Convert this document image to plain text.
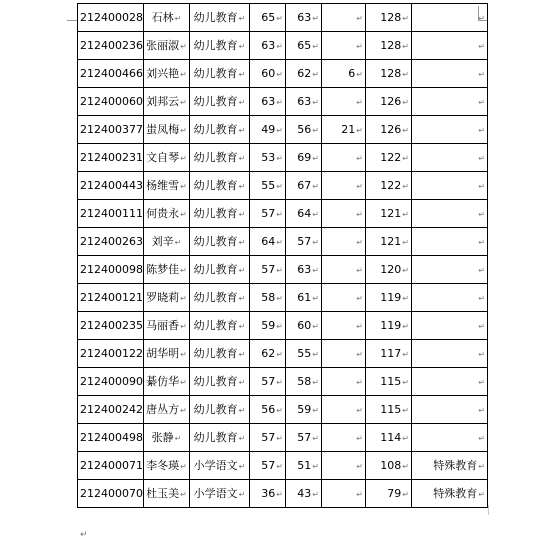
212400028	石林↵	幼儿教育↵	65↵	63↵	↵	128↵	↵
212400236	张丽淑↵	幼儿教育↵	63↵	65↵	↵	128↵	↵
212400466	刘兴艳↵	幼儿教育↵	60↵	62↵	6↵	128↵	↵
212400060	刘邦云↵	幼儿教育↵	63↵	63↵	↵	126↵	↵
212400377	蚩凤梅↵	幼儿教育↵	49↵	56↵	21↵	126↵	↵
212400231	文自琴↵	幼儿教育↵	53↵	69↵	↵	122↵	↵
212400443	杨维雪↵	幼儿教育↵	55↵	67↵	↵	122↵	↵
212400111	何贵永↵	幼儿教育↵	57↵	64↵	↵	121↵	↵
212400263	刘辛↵	幼儿教育↵	64↵	57↵	↵	121↵	↵
212400098	陈梦佳↵	幼儿教育↵	57↵	63↵	↵	120↵	↵
212400121	罗晓莉↵	幼儿教育↵	58↵	61↵	↵	119↵	↵
212400235	马丽香↵	幼儿教育↵	59↵	60↵	↵	119↵	↵
212400122	胡华明↵	幼儿教育↵	62↵	55↵	↵	117↵	↵
212400090	綦仿华↵	幼儿教育↵	57↵	58↵	↵	115↵	↵
212400242	唐丛方↵	幼儿教育↵	56↵	59↵	↵	115↵	↵
212400498	张静↵	幼儿教育↵	57↵	57↵	↵	114↵	↵
212400071	李冬瑛↵	小学语文↵	57↵	51↵	↵	108↵	特殊教育↵
212400070	杜玉美↵	小学语文↵	36↵	43↵	↵	79↵	特殊教育↵
↵
